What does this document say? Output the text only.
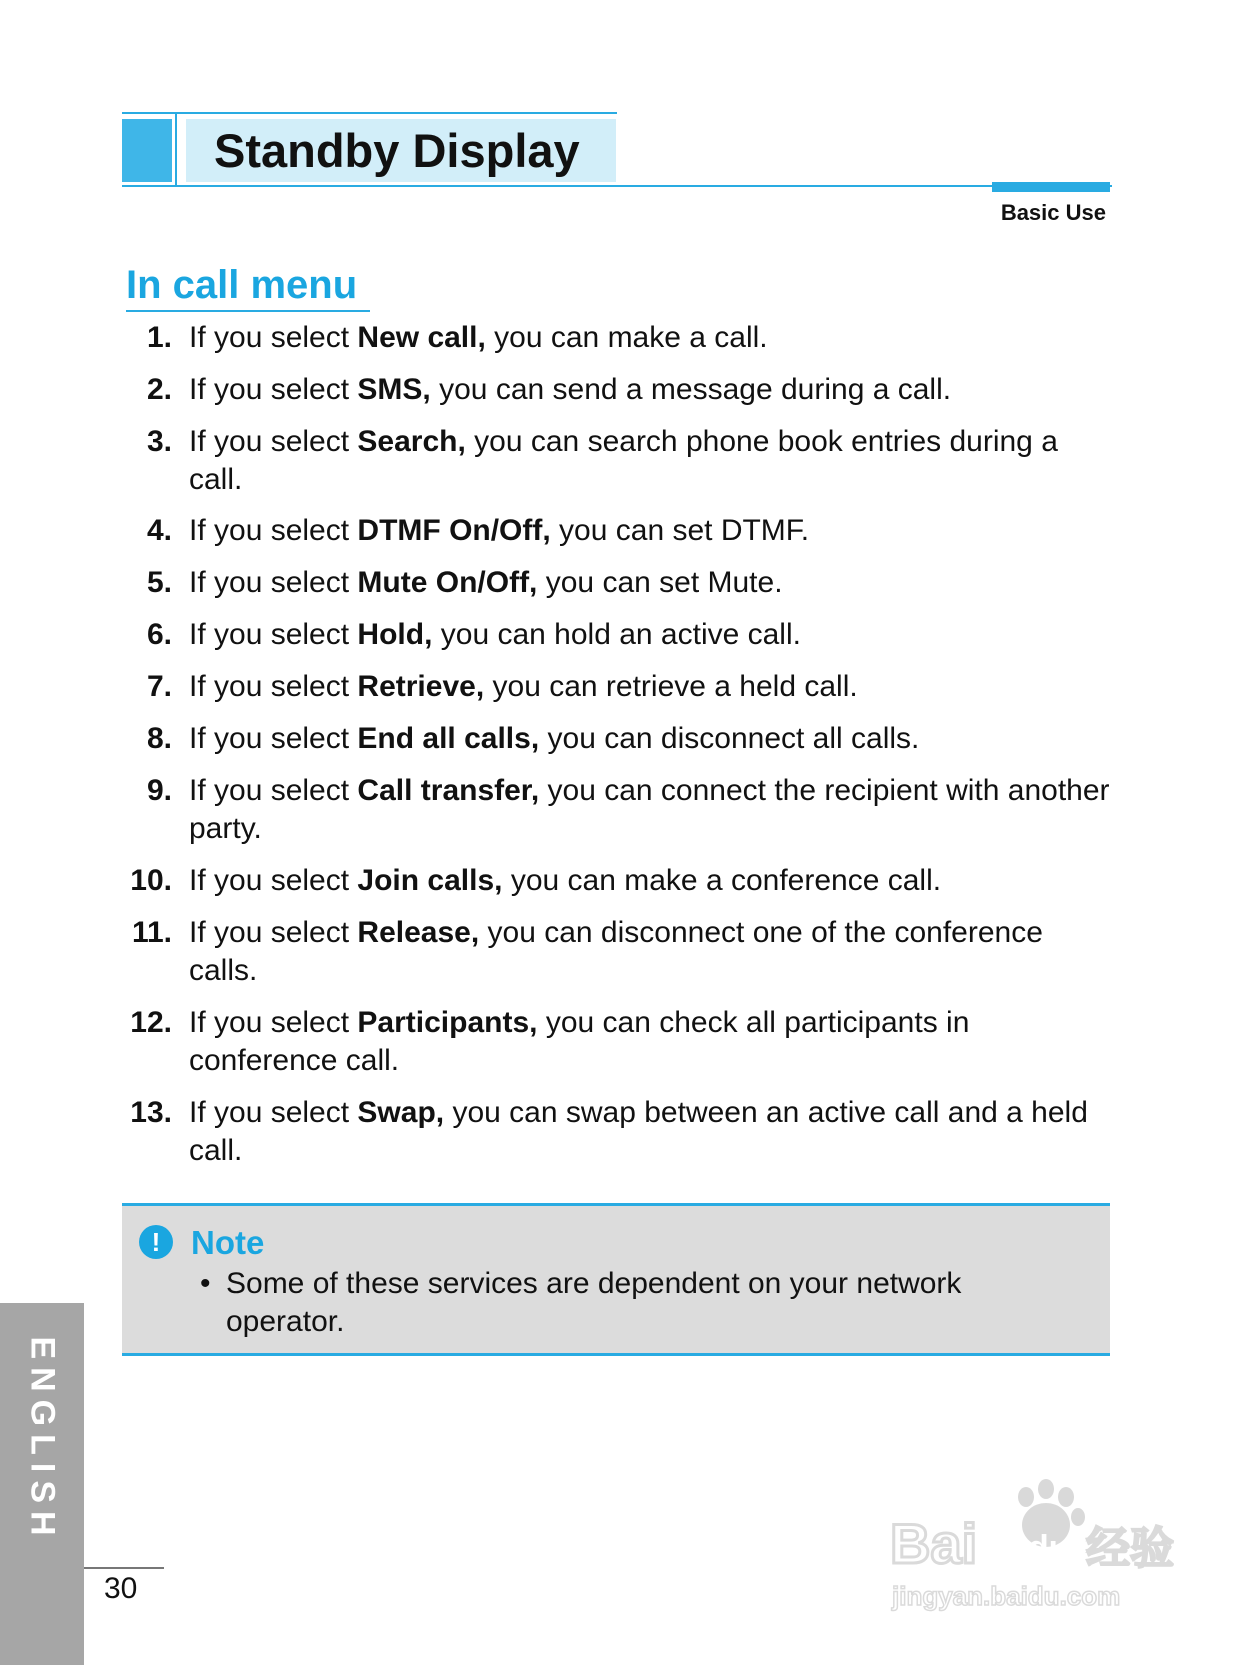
Standby Display
Basic Use
In call menu
1. If you select New call, you can make a call.
2. If you select SMS, you can send a message during a call.
3. If you select Search, you can search phone book entries during a call.
4. If you select DTMF On/Off, you can set DTMF.
5. If you select Mute On/Off, you can set Mute.
6. If you select Hold, you can hold an active call.
7. If you select Retrieve, you can retrieve a held call.
8. If you select End all calls, you can disconnect all calls.
9. If you select Call transfer, you can connect the recipient with another party.
10. If you select Join calls, you can make a conference call.
11. If you select Release, you can disconnect one of the conference calls.
12. If you select Participants, you can check all participants in conference call.
13. If you select Swap, you can swap between an active call and a held call.
! Note
• Some of these services are dependent on your network operator.
ENGLISH
30
Bai du 经验
jingyan.baidu.com
